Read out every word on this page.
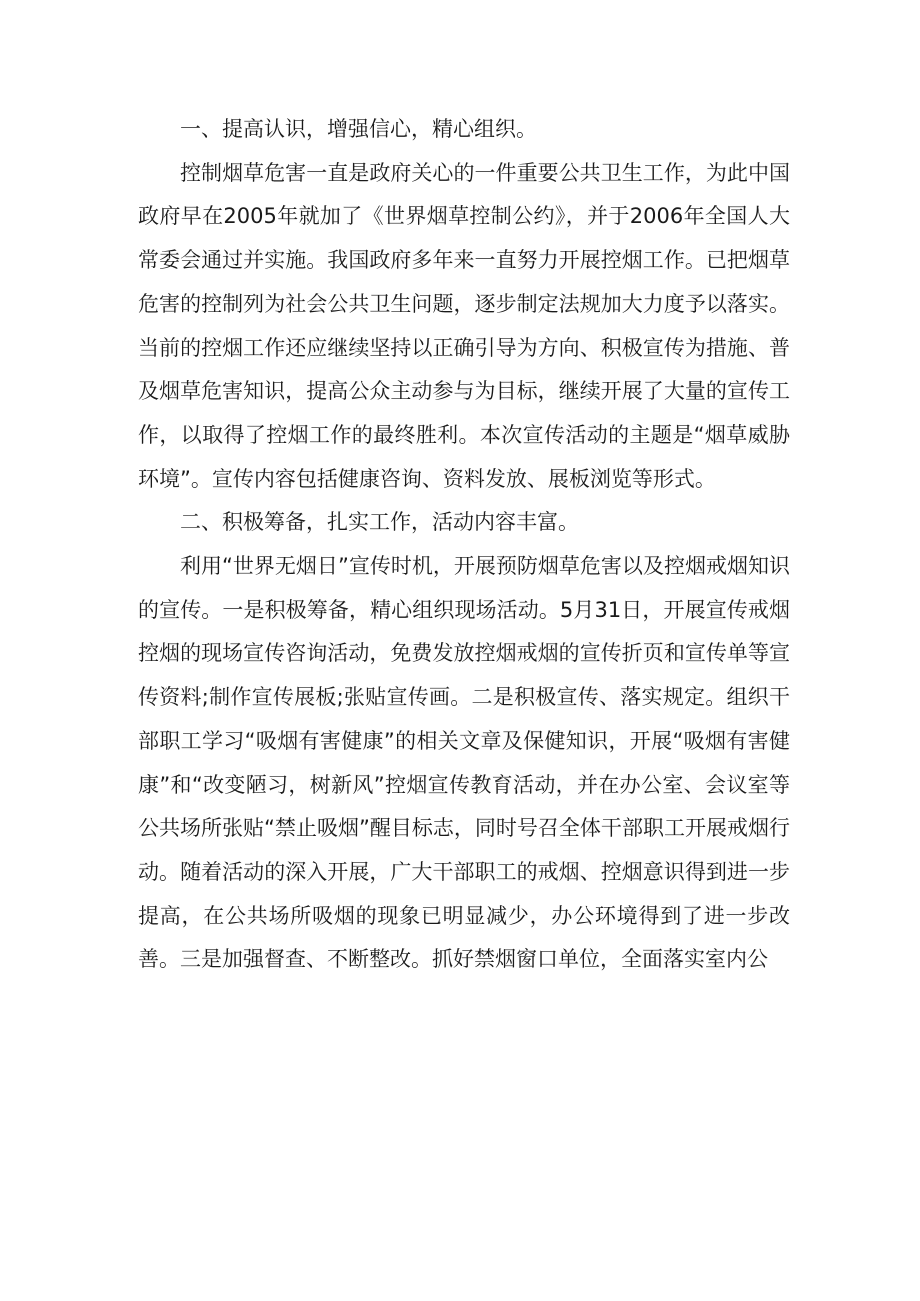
一、提高认识，增强信心，精心组织。

控制烟草危害一直是政府关心的一件重要公共卫生工作，为此中国政府早在2005年就加了《世界烟草控制公约》，并于2006年全国人大常委会通过并实施。我国政府多年来一直努力开展控烟工作。已把烟草危害的控制列为社会公共卫生问题，逐步制定法规加大力度予以落实。当前的控烟工作还应继续坚持以正确引导为方向、积极宣传为措施、普及烟草危害知识，提高公众主动参与为目标，继续开展了大量的宣传工作，以取得了控烟工作的最终胜利。本次宣传活动的主题是“烟草威胁环境”。宣传内容包括健康咨询、资料发放、展板浏览等形式。

二、积极筹备，扎实工作，活动内容丰富。

利用“世界无烟日”宣传时机，开展预防烟草危害以及控烟戒烟知识的宣传。一是积极筹备，精心组织现场活动。5月31日，开展宣传戒烟控烟的现场宣传咨询活动，免费发放控烟戒烟的宣传折页和宣传单等宣传资料;制作宣传展板;张贴宣传画。二是积极宣传、落实规定。组织干部职工学习“吸烟有害健康”的相关文章及保健知识，开展“吸烟有害健康”和“改变陋习，树新风”控烟宣传教育活动，并在办公室、会议室等公共场所张贴“禁止吸烟”醒目标志，同时号召全体干部职工开展戒烟行动。随着活动的深入开展，广大干部职工的戒烟、控烟意识得到进一步提高，在公共场所吸烟的现象已明显减少，办公环境得到了进一步改善。三是加强督查、不断整改。抓好禁烟窗口单位，全面落实室内公
